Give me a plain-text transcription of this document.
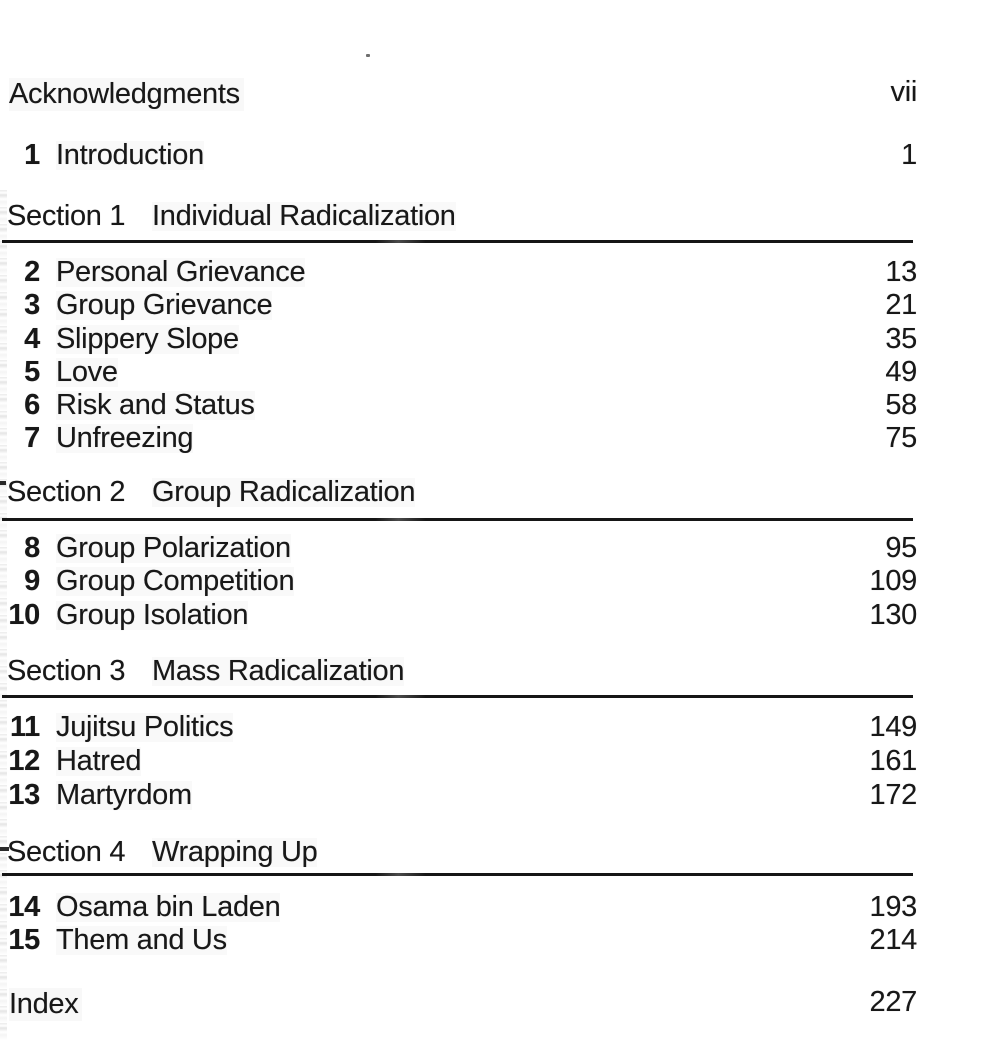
Acknowledgments	vii
1 Introduction	1
Section 1 Individual Radicalization
2 Personal Grievance	13
3 Group Grievance	21
4 Slippery Slope	35
5 Love	49
6 Risk and Status	58
7 Unfreezing	75
Section 2 Group Radicalization
8 Group Polarization	95
9 Group Competition	109
10 Group Isolation	130
Section 3 Mass Radicalization
11 Jujitsu Politics	149
12 Hatred	161
13 Martyrdom	172
Section 4 Wrapping Up
14 Osama bin Laden	193
15 Them and Us	214
Index	227
